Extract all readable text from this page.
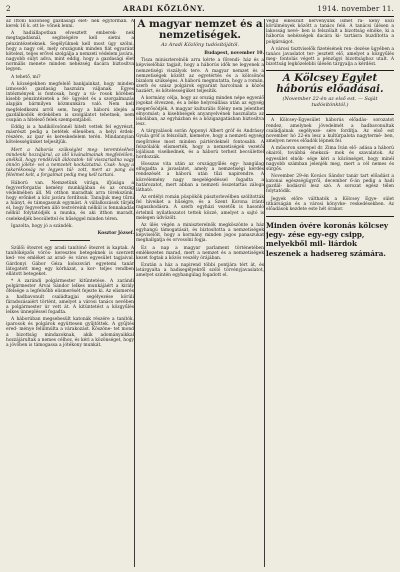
2	ARADI KÖZLÖNY.	1914. november 11.

az ittoni közönség gazdasági élet- nek egyformán. A kerek 16 k. ott le- vőnek lenni.

A hadiállapotban elvesztett emberek- nek megtagadásnál, segítségére kell sietni a pénzintézeteknek. Segélyüknek kell most úgy szólni, hogy a nagy cél, mely országunk minden fiát egyaránt kötelezi, teljes erővel szolgálja a nemzeti védelem javára, nagyobb súlyt adva, mint eddig, hogy a gazdasági élet normális menete minden nehézség dacára biztosítva legyen.

A tehető, mi?

A községekben megfelelő bankjainkat, hogy minden izmosodó gazdaság hasznára váljanak. Egyes intézmények is fontosak, hogy a vá- rosok körében kisebb pénzintézetek a fel- ügyelet és a szorgalmazás alapján bármilyen közmunkára való. Nem kell megfeledkezni arról sem, hogy a háború idején a gazdálkodók érdekében is szolgálatot tehetnek, nem csupán a hitelező felek szempontjából.

Eddig is a hadikölcsönnél hitelt vettek fel egyrészt, másrészt pedig a betétek ellenében, a helyi érdek- részére, az ipar és kereskedelem terén. Mindannyian kötelességünket teljesítjük.

Mert a háborús szükséglet meg- teremtéséhez mindenki hozzájárul, az idő kívánalmainak megfelelően, anélkül, hogy rendkívüli áldozatok- tól visszariadna vagy önnön jólété- vel a nemzetét kockáztatná. Csak- hogy a takarékosság ne legyen túl- zott, mert az pang és félelmet kelt, a forgalmat pedig meg kell tartani.

Háború van. Nemzetünk virága, ifjúsága a fegyverforgatás kemény munkájában és az ország védelmében áll. Mi otthon maradtak arra törekszünk, hogy erőnket a köz javára fordítsuk. Tanuljuk meg tűrni a hiányt, és támogassuk egymást. A vállalkozások tűrjék el, hogy fegyverben álló testvéreink nélkül is fennakadás nélkül folytatódjék a munka, és aki itthon maradt, cselekedjék becsülettel és hűséggel minden téren.

Igazolta, hogy jó a szándék.

Kosztor József.

Szülői ötezret egy aradi tanítónő ötezret is kaptak. A tanítóképzős vörös- keresztes betegeknek is szerzett ked- ves emléket az arad- és város egyesület tagjaival. Gárdonyi Gábor Géza kolozsvári egyetemi tanár látogatott meg egy kórházat, a kor- teljes rendben ellátott betegeket.

* A zarándi polgármester kitüntetése. A zarándi polgármester Árvai Sándor lelkes munkájáért a király őfelsége a legfelsőbb elismerését fejezte ki. Az elismerés a hadbavonult családtagjai segélyezése körüli fáradozásaiért történt, amelyet a városi tanács nevében a polgármester úr vett át. A kitüntetést a közgyűlés lelkes ünnepléssel fogadta.

A háborúban megsebesült katonák részére a tanítók, iparosok és polgárok együttesen gyűjtöttek. A gyűjtés ered- ménye felülmúlta a várakozást. Köszöne- tet mond a bizottság mindazoknak, akik adományaikkal hozzájárultak a nemes célhoz, és kéri a közönséget, hogy a jövőben is támogassa a jótékony munkát.

A magyar nemzet és a nemzetiségek.

Az Aradi Közlöny tudósítójától.

Budapest, november 10.

Tisza miniszterelnök arra kérte a főrendi- ház és a képviselőház tagjait, hogy a háborús idők ne legyenek a nemzetiségi viszályok tere. A magyar nemzet és a nemzetiségek között az egyetértés és a kölcsönös bizalom szükséges. A háború megmutatta, hogy a román, szerb és szász polgárok egyaránt harcolnak a közös hazáért, és kötelességüket teljesítik.

A kormány célja, hogy az ország minden népe egyenlő jogokat élvezzen, és a béke helyreállása után az egység megerősödjék. A magyar kulturális fölény nem jelenthet elnyomást; a kisebbségek anyanyelvének használata az iskolában, az egyházban és a közigazgatásban biztosítva lesz.

A tárgyalások során Apponyi Albert gróf és Andrássy Gyula gróf is felszólalt, kiemelve, hogy a nemzeti egység megőrzése most minden pártérdeknél fontosabb. A felszólalók elismerték, hogy a nemzetiségek vezetői lojálisan viselkednek, és a háború terheit becsülettel hordozzák.

Hosszas vita után az országgyűlés egy- hangúlag elfogadta a javaslatot, amely a nemzetiségi kérdés rendezését a háború után tűzi napirendre. A közvélemény nagy megelégedéssel fogadta a határozatot, mert abban a nemzeti összetartás záloga látható.

Az erdélyi román püspökök pásztorlevélben szólították fel híveiket a hűségre, és a Szent Korona iránti ragaszkodásra. A szerb egyházi vezetők is hasonló értelmű nyilatkozatot tettek közzé, amelyet a sajtó is melegen üdvözölt.

Az ülés végén a miniszterelnök megköszönte a ház egyhangú támogatását, és biztosította a nemzetiségek képviselőit, hogy a kormány minden jogos panaszukat meghallgatja és orvosolni fogja.

Ez a nap a magyar parlament történetében emlékezetes marad, mert a nemzet és a nemzetiségek kezet fogtak a közös veszély órájában.

Ezután a ház a napirend többi pontjára tért át, és letárgyalta a hadisegélyekről szóló törvényjavaslatot, amelyet szintén egyhangúlag fogadott el.

Végül elkészült kérvényünk ismét rá- kény közi körülmények között a tanács felé. A tanácsi ülésen a lakosság nevé- ben is felszólalt a bizottság elnöke, ki a háborús nehézségek dacára ki- tartásra buzdította a polgárságot.

A városi tisztviselők fizetésének ren- dezése ügyében a tanács javaslatot ter- jesztett elő, amelyet a közgyűlés meg- fontolás végett a pénzügyi bizottsághoz utalt. A bizottság legközelebbi ülésén tárgyalja a kérdést.

A Kölcsey Egylet háborús előadásai.

(November 22-én az első est. — Saját tudósítónktól.)

A Kölcsey-Egyesület háborús előadás- sorozatot rendez, amelynek jövedelmét a hadbavonultak családjainak segélyezé- sére fordítja. Az első est november hó 22-én lesz a kultúrpalota nagytermé- ben, amelyen neves előadók lépnek fel.

A műsoron szerepel dr. Zima Iván elő- adása a háború okairól, továbbá énekszá- mok és szavalatok. Az egyesület elnök- sége kéri a közönséget, hogy minél nagyobb számban jelenjék meg, mert a cél nemes és sürgős.

November 29-én Kovács Sándor tanár tart előadást a katonai egészségügyről, december 6-án pedig a hadi gazdál- kodásról lesz szó. A sorozat egész télen folytatódik.

Jegyek előre válthatók a Kölcsey Egye- sület titkárságán és a városi könyvke- reskedésekben. Az előadások kezdete este hét órakor.

Minden óvére koronás kölcsey jegy- zése egy-egy csipp, melyekből mil- liárdok leszenek a hadsereg számára.
